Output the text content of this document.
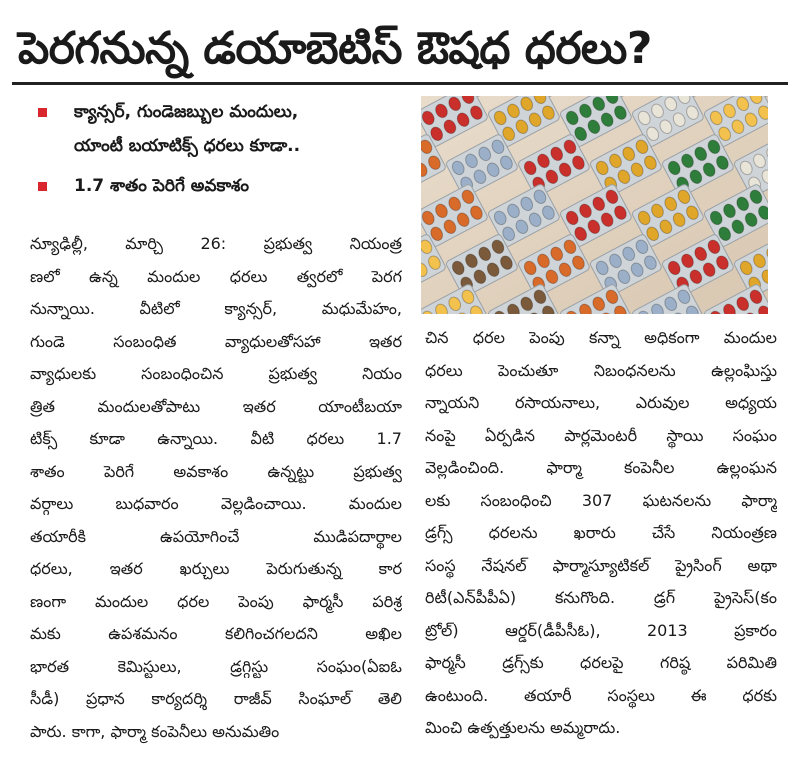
పెరగనున్న డయాబెటిస్ ఔషధ ధరలు?
క్యాన్సర్, గుండెజబ్బుల మందులు,
యాంటీ బయాటిక్స్ ధరలు కూడా..
1.7 శాతం పెరిగే అవకాశం
న్యూఢిల్లీ, మార్చి 26: ప్రభుత్వ నియంత్ర
ణలో ఉన్న మందుల ధరలు త్వరలో పెరగ
నున్నాయి. వీటిలో క్యాన్సర్, మధుమేహం,
గుండె సంబంధిత వ్యాధులతోసహా ఇతర
వ్యాధులకు సంబంధించిన ప్రభుత్వ నియం
త్రిత మందులతోపాటు ఇతర యాంటీబయా
టిక్స్ కూడా ఉన్నాయి. వీటి ధరలు 1.7
శాతం పెరిగే అవకాశం ఉన్నట్టు ప్రభుత్వ
వర్గాలు బుధవారం వెల్లడించాయి. మందుల
తయారీకి ఉపయోగించే ముడిపదార్థాల
ధరలు, ఇతర ఖర్చులు పెరుగుతున్న కార
ణంగా మందుల ధరల పెంపు ఫార్మసీ పరిశ్ర
మకు ఉపశమనం కలిగించగలదని అఖిల
భారత కెమిస్టులు, డ్రగ్గిస్టు సంఘం(ఏఐఓ
సీడీ) ప్రధాన కార్యదర్శి రాజీవ్ సింఘాల్ తెలి
పారు. కాగా, ఫార్మా కంపెనీలు అనుమతిం
చిన ధరల పెంపు కన్నా అధికంగా మందుల
ధరలు పెంచుతూ నిబంధనలను ఉల్లంఘిస్తు
న్నాయని రసాయనాలు, ఎరువుల అధ్యయ
నంపై ఏర్పడిన పార్లమెంటరీ స్థాయి సంఘం
వెల్లడించింది. ఫార్మా కంపెనీల ఉల్లంఘన
లకు సంబంధించి 307 ఘటనలను ఫార్మా
డ్రగ్స్ ధరలను ఖరారు చేసే నియంత్రణ
సంస్థ నేషనల్ ఫార్మాస్యూటికల్ ప్రైసింగ్ అథా
రిటీ(ఎన్‌పీపీఏ) కనుగొంది. డ్రగ్ ప్రైసెస్(కం
ట్రోల్) ఆర్డర్(డీపీసీఓ), 2013 ప్రకారం
ఫార్మసీ డ్రగ్స్‌కు ధరలపై గరిష్ఠ పరిమితి
ఉంటుంది. తయారీ సంస్థలు ఈ ధరకు
మించి ఉత్పత్తులను అమ్మరాదు.
